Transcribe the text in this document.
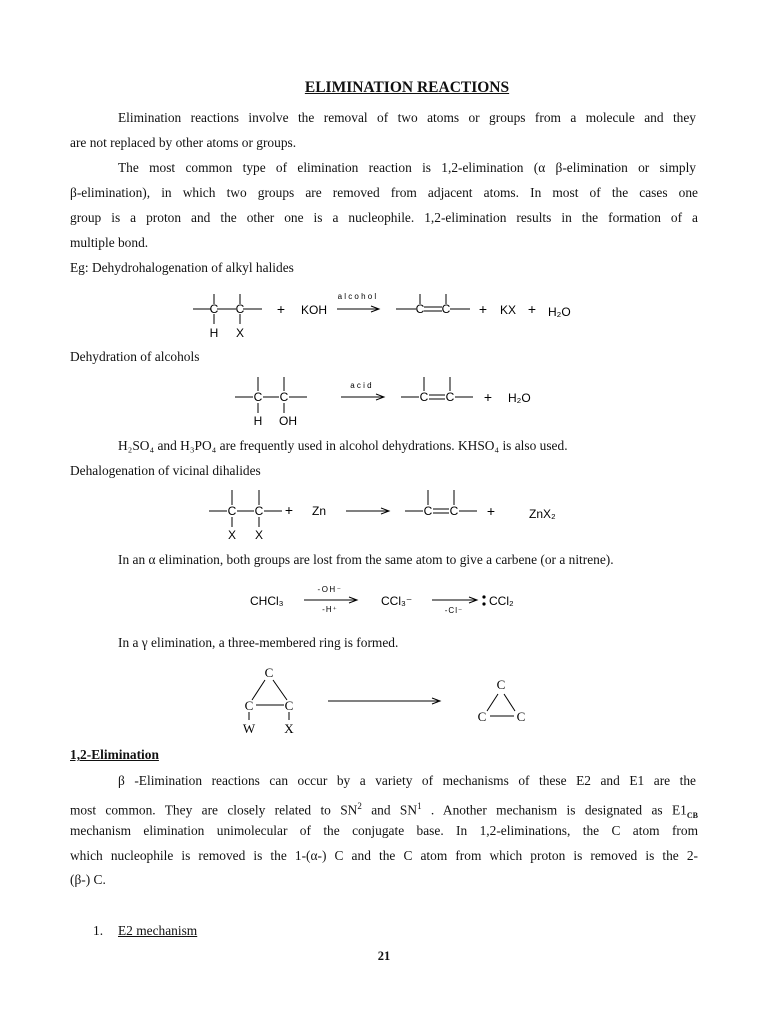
ELIMINATION REACTIONS
Elimination reactions involve the removal of two atoms or groups from a molecule and they
are not replaced by other atoms or groups.
The most common type of elimination reaction is 1,2-elimination (α β-elimination or simply
β-elimination), in which two groups are removed from adjacent atoms. In most of the cases one
group is a proton and the other one is a nucleophile. 1,2-elimination results in the formation of a
multiple bond.
Eg: Dehydrohalogenation of alkyl halides
C C
H X
+ KOH
alcohol
C C + KX + H₂O
Dehydration of alcohols
C C
H OH
acid
C C + H₂O
H₂SO₄ and H₃PO₄ are frequently used in alcohol dehydrations. KHSO₄ is also used.
Dehalogenation of vicinal dihalides
C C
X X
+ Zn	C C +	ZnX₂
In an α elimination, both groups are lost from the same atom to give a carbene (or a nitrene).
CHCl₃
-OH⁻
-H⁺
CCl₃⁻
-Cl⁻
CCl₂
In a γ elimination, a three-membered ring is formed.
C
C C
W X
C
C C
1,2-Elimination
β -Elimination reactions can occur by a variety of mechanisms of these E2 and E1 are the
most common. They are closely related to $SN^2$ and $SN^1$ . Another mechanism is designated as $E1_{CB}$
mechanism elimination unimolecular of the conjugate base. In 1,2-eliminations, the C atom from
which nucleophile is removed is the 1-(α-) C and the C atom from which proton is removed is the 2-
(β-) C.
1. E2 mechanism
21
